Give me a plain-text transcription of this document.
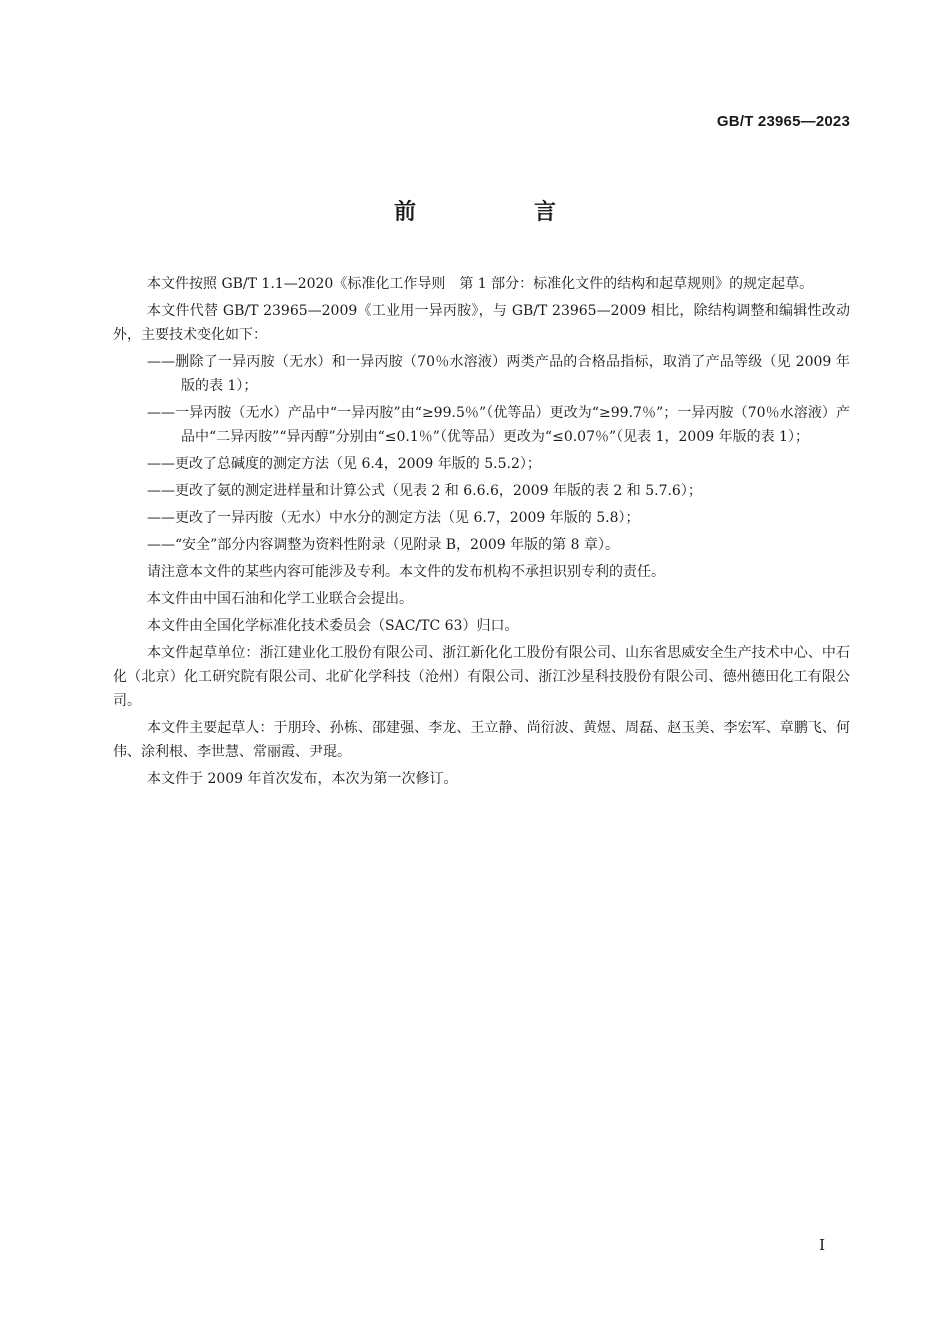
GB/T 23965—2023
前　言

本文件按照 GB/T 1.1—2020《标准化工作导则　第 1 部分：标准化文件的结构和起草规则》的规定起草。

本文件代替 GB/T 23965—2009《工业用一异丙胺》，与 GB/T 23965—2009 相比，除结构调整和编辑性改动外，主要技术变化如下：

——删除了一异丙胺（无水）和一异丙胺（70％水溶液）两类产品的合格品指标，取消了产品等级（见 2009 年版的表 1）；

——一异丙胺（无水）产品中“一异丙胺”由“≥99.5％”（优等品）更改为“≥99.7％”；一异丙胺（70％水溶液）产品中“二异丙胺”“异丙醇”分别由“≤0.1％”（优等品）更改为“≤0.07％”（见表 1，2009 年版的表 1）；

——更改了总碱度的测定方法（见 6.4，2009 年版的 5.5.2）；

——更改了氨的测定进样量和计算公式（见表 2 和 6.6.6，2009 年版的表 2 和 5.7.6）；

——更改了一异丙胺（无水）中水分的测定方法（见 6.7，2009 年版的 5.8）；

——“安全”部分内容调整为资料性附录（见附录 B，2009 年版的第 8 章）。

请注意本文件的某些内容可能涉及专利。本文件的发布机构不承担识别专利的责任。

本文件由中国石油和化学工业联合会提出。

本文件由全国化学标准化技术委员会（SAC/TC 63）归口。

本文件起草单位：浙江建业化工股份有限公司、浙江新化化工股份有限公司、山东省思威安全生产技术中心、中石化（北京）化工研究院有限公司、北矿化学科技（沧州）有限公司、浙江沙星科技股份有限公司、德州德田化工有限公司。

本文件主要起草人：于朋玲、孙栋、邵建强、李龙、王立静、尚衍波、黄煜、周磊、赵玉美、李宏军、章鹏飞、何伟、涂利根、李世慧、常丽霞、尹琨。

本文件于 2009 年首次发布，本次为第一次修订。

I
